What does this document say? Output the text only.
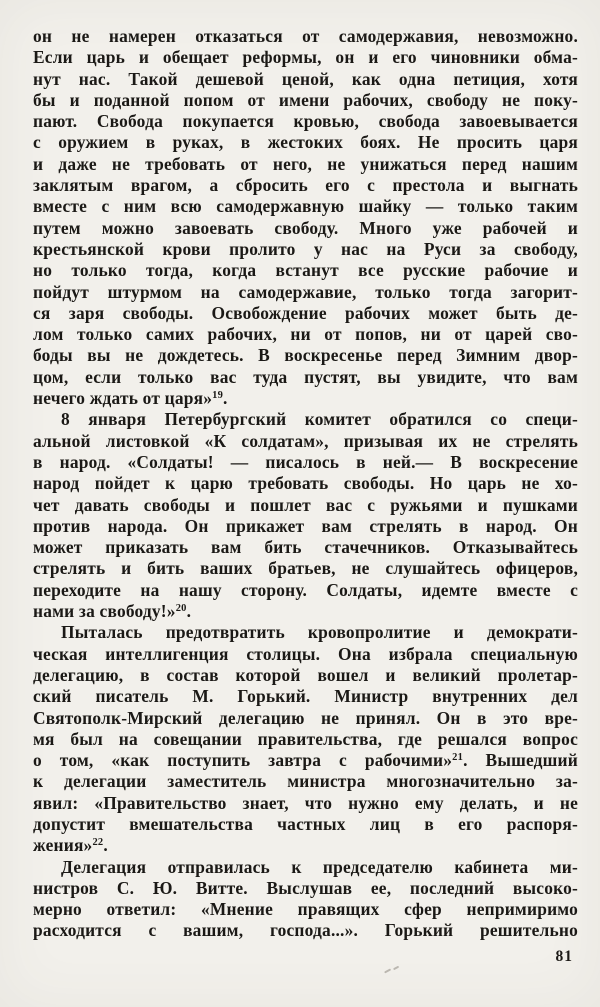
он не намерен отказаться от самодержавия, невозможно.
Если царь и обещает реформы, он и его чиновники обма-
нут нас. Такой дешевой ценой, как одна петиция, хотя
бы и поданной попом от имени рабочих, свободу не поку-
пают. Свобода покупается кровью, свобода завоевывается
с оружием в руках, в жестоких боях. Не просить царя
и даже не требовать от него, не унижаться перед нашим
заклятым врагом, а сбросить его с престола и выгнать
вместе с ним всю самодержавную шайку — только таким
путем можно завоевать свободу. Много уже рабочей и
крестьянской крови пролито у нас на Руси за свободу,
но только тогда, когда встанут все русские рабочие и
пойдут штурмом на самодержавие, только тогда загорит-
ся заря свободы. Освобождение рабочих может быть де-
лом только самих рабочих, ни от попов, ни от царей сво-
боды вы не дождетесь. В воскресенье перед Зимним двор-
цом, если только вас туда пустят, вы увидите, что вам
нечего ждать от царя»$^{19}$.
8 января Петербургский комитет обратился со специ-
альной листовкой «К солдатам», призывая их не стрелять
в народ. «Солдаты! — писалось в ней.— В воскресение
народ пойдет к царю требовать свободы. Но царь не хо-
чет давать свободы и пошлет вас с ружьями и пушками
против народа. Он прикажет вам стрелять в народ. Он
может приказать вам бить стачечников. Отказывайтесь
стрелять и бить ваших братьев, не слушайтесь офицеров,
переходите на нашу сторону. Солдаты, идемте вместе с
нами за свободу!»$^{20}$.
Пыталась предотвратить кровопролитие и демократи-
ческая интеллигенция столицы. Она избрала специальную
делегацию, в состав которой вошел и великий пролетар-
ский писатель М. Горький. Министр внутренних дел
Святополк-Мирский делегацию не принял. Он в это вре-
мя был на совещании правительства, где решался вопрос
о том, «как поступить завтра с рабочими»$^{21}$. Вышедший
к делегации заместитель министра многозначительно за-
явил: «Правительство знает, что нужно ему делать, и не
допустит вмешательства частных лиц в его распоря-
жения»$^{22}$.
Делегация отправилась к председателю кабинета ми-
нистров С. Ю. Витте. Выслушав ее, последний высоко-
мерно ответил: «Мнение правящих сфер непримиримо
расходится с вашим, господа...». Горький решительно
81
